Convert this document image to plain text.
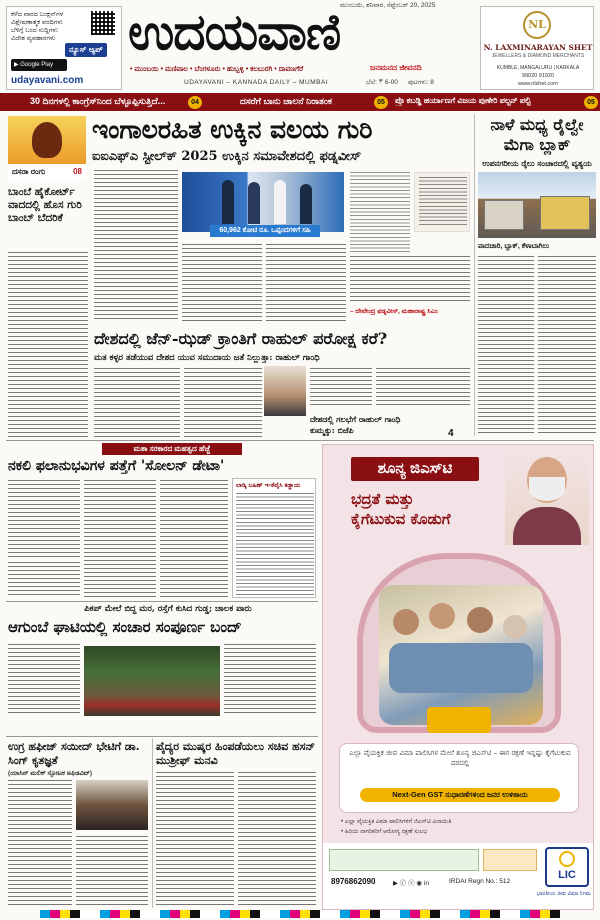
ಕಳೆದ ವಾರದ ಬಂಕ್ಷನ್‌ಗಳ
ವಿಶ್ಲೇಷಣಾತ್ಮಕ ವರದಿಗಳು
ಬೆಳಿಗ್ಗೆ ಬಂದ ಸುದ್ದಿಗಳು
ವಿದೇಶ ವ್ಯವಹಾರಗಳು
ನ್ಯೂಸ್ ಆ್ಯಪ್
▶ Google Play
udayavani.com
ಉದಯವಾಣಿ ಮುಂಬಯಿ, ಶನಿವಾರ, ಸೆಪ್ಟೆಂಬರ್ 20, 2025
• ಮುಂಬಯಿ • ಮಣಿಪಾಲ • ಬೆಂಗಳೂರು • ಹುಬ್ಬಳ್ಳಿ • ಕಲಬುರಗಿ • ದಾವಣಗೆರೆ
UDAYAVANI – KANNADA DAILY – MUMBAI
ಜನಮನದ ಜೀವನದಿ
ಬೆಲೆ: ₹ 6-00 ಪುಟಗಳು: 8
NL
N. LAXMINARAYAN SHET
JEWELLERS & DIAMOND MERCHANTS
KUMBLE, MANGALURU | KARKALA
99020 91920
www.nlshet.com
30 ದಿನಗಳಲ್ಲಿ ಕಾಂಗ್ರೆಸ್‌ನಿಂದ ಬೆಳ್ಳೂಪ್ಪಿಸುತ್ತಿದೆ...	04	ದಸರೆಗೆ ಬಾನು ಚಾಲನೆ ನಿರಾತಂಕ	05	ಪ್ರೊ ಕಬಡ್ಡಿ ಹರ್ಯಾಣಗೆ ವಿಜಯ ಪುಣೇರಿ ಪಲ್ಟನ್ ಪಲ್ಟಿ	05
ದಸರಾ ರಂಗು	08
ಇಂಗಾಲರಹಿತ ಉಕ್ಕಿನ ವಲಯ ಗುರಿ
ಐಐಎಫ್‌ಎ ಸ್ಟೀಲ್‌ಕ್ 2025 ಉಕ್ಕಿನ ಸಮಾವೇಶದಲ್ಲಿ ಫಡ್ನವೀಸ್
ಬಾಂಬೆ ಹೈಕೋರ್ಟ್ ವಾದದಲ್ಲಿ ಹೊಸ ಗುರಿ ಬಾಂಬ್ ಬೆದರಿಕೆ
60,962 ಕೋಟಿ ರೂ. ಒಪ್ಪಂದಗಳಿಗೆ ಸಹಿ
– ದೇವೇಂದ್ರ ಫಡ್ನವೀಸ್, ಮಹಾರಾಷ್ಟ್ರ ಸಿಎಂ
ನಾಳೆ ಮಧ್ಯ ರೈಲ್ವೇ ಮೆಗಾ ಬ್ಲಾಕ್
ಉಪನಗರೀಯ ರೈಲು ಸಂಚಾರದಲ್ಲಿ ವ್ಯತ್ಯಯ
ಪಾದಚಾರಿ, ಬ್ಲಾಕ್, ಕೆಳಾಬಾಗಿಲು
ದೇಶದಲ್ಲಿ ಜೆನ್-ಝಡ್ ಕ್ರಾಂತಿಗೆ ರಾಹುಲ್ ಪರೋಕ್ಷ ಕರೆ?
ಮತ ಕಳ್ಳರ ತಡೆಯುವ ದೇಶದ ಯುವ ಸಮುದಾಯ ಜತೆ ನಿಲ್ಲುತ್ತಾ: ರಾಹುಲ್ ಗಾಂಧಿ
ದೇಶದಲ್ಲಿ ಗಲಭೆಗೆ ರಾಹುಲ್ ಗಾಂಧಿ ಕುಮ್ಮಕ್ಕು: ಬಿಜೆಪಿ	4
ಮತಾ ಸರಕಾರದ ಮಹತ್ವದ ಹೆಜ್ಜೆ
ನಕಲಿ ಫಲಾನುಭವಿಗಳ ಪತ್ತೆಗೆ 'ಸೋಲನ್ ಡೇಟಾ'
ಲಾಡ್ಕಿ ಬಹಿಣ್ ಇ-ಕೆವೈಸಿ ಕಡ್ಡಾಯ
ಪಿಕಪ್ ಮೇಲೆ ಬಿದ್ದ ಮರ, ರಸ್ತೆಗೆ ಕುಸಿದ ಗುಡ್ಡ; ಚಾಲಕ ಪಾರು
ಆಗುಂಬೆ ಘಾಟಿಯಲ್ಲಿ ಸಂಚಾರ ಸಂಪೂರ್ಣ ಬಂದ್
ಉಗ್ರ ಹಫೀಜ್ ಸಯೀದ್ ಭೇಟಿಗೆ ಡಾ. ಸಿಂಗ್ ಕೃತಜ್ಞತೆ
(ಯಾಸಿನ್ ಮಲಿಕ್ ಸ್ಫೋಟಕ ಅಫಿಡವಿಟ್)
ಪೈದ್ಯರ ಮುಷ್ಕರ ಹಿಂಪಡೆಯಲು ಸಚಿವ ಹಸನ್ ಮುಶ್ರೀಫ್ ಮನವಿ
ಶೂನ್ಯ ಜಿಎಸ್‌ಟಿ
ಭದ್ರತೆ ಮತ್ತು
ಕೈಗೆಟುಕುವ ಕೊಡುಗೆ
ಎಲ್ಲಾ ವೈಯಕ್ತಿಕ ಜೀವ ವಿಮಾ ಪಾಲಿಸಿಗಳ ಮೇಲೆ ಶೂನ್ಯ ಜಿಎಸ್‌ಟಿ – ಈಗ ರಕ್ಷಣೆ ಇನ್ನಷ್ಟು ಕೈಗೆಟುಕುವ ದರದಲ್ಲಿ
Next-Gen GST ಸುಧಾರಣೆಗಳಿಂದ ಜನರ ಉಳಿತಾಯ
• ಎಲ್ಲಾ ವೈಯಕ್ತಿಕ ವಿಮಾ ಪಾಲಿಸಿಗಳಿಗೆ ಜಿಎಸ್‌ಟಿ ವಿನಾಯಿತಿ
• ಹಿರಿಯ ನಾಗರಿಕರಿಗೆ ಆರೋಗ್ಯ ರಕ್ಷಣೆ ಸುಲಭ
8976862090	▶ ⓕ ⓧ ◉ in	IRDAI Regn No.: 512
LIC
ಭಾರತೀಯ ಜೀವ ವಿಮಾ ನಿಗಮ
